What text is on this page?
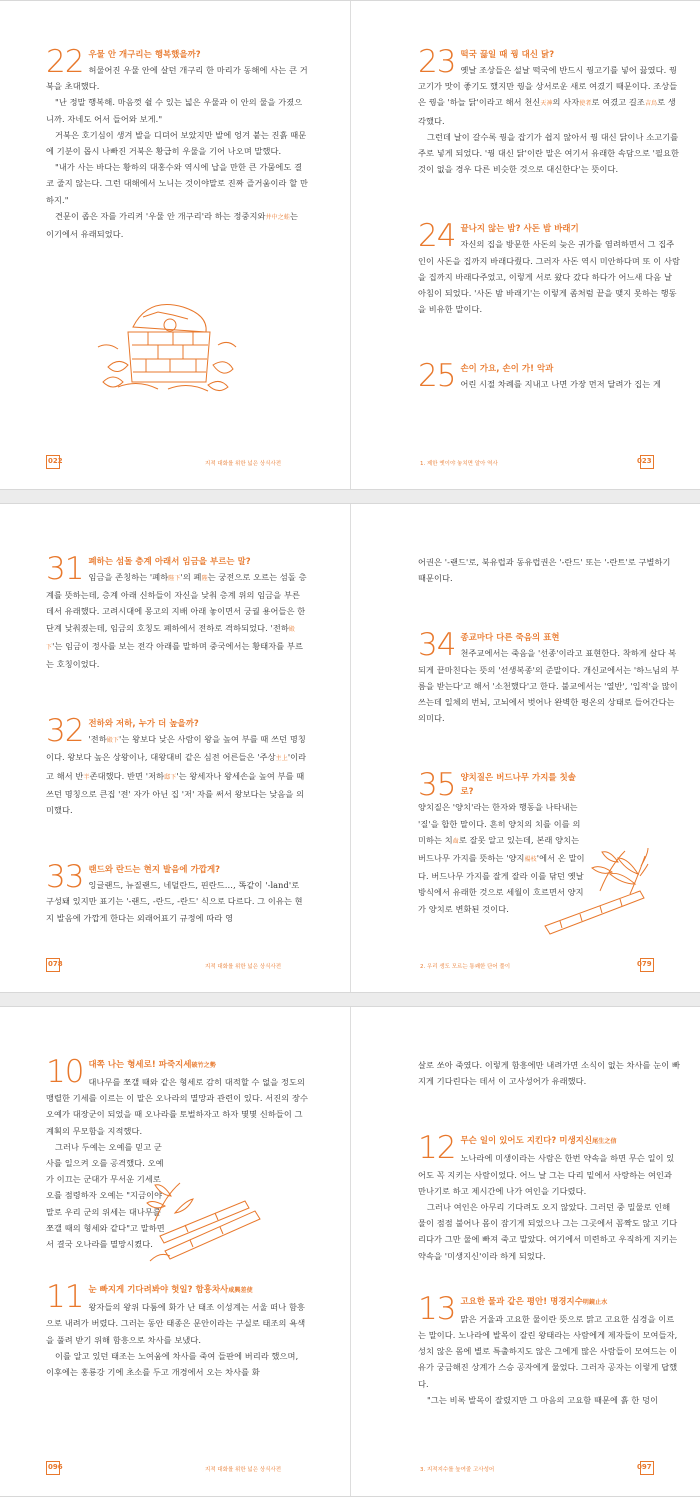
22 우물 안 개구리는 행복했을까?

허물어진 우물 안에 살던 개구리 한 마리가 동해에 사는 큰 거북을 초대했다.

"난 정말 행복해. 마음껏 쉴 수 있는 넓은 우물과 이 안의 물을 가졌으니까. 자네도 어서 들어와 보게."

거북은 호기심이 생겨 발을 디뎌어 보았지만 발에 엉겨 붙는 진흙 때문에 기분이 몹시 나빠진 거북은 황급히 우물을 기어 나오며 말했다.

"내가 사는 바다는 황하의 대홍수와 역시에 납을 만한 큰 가뭄에도 결코 줄지 않는다. 그런 대해에서 노니는 것이야말로 진짜 즐거움이라 할 만하지."

견문이 좁은 자를 가리켜 '우물 안 개구리'라 하는 정중지와井中之蛙는 이기에서 유래되었다.

022	지적 대화를 위한 넓은 상식사전
23 떡국 끓일 때 꿩 대신 닭?

옛날 조상들은 설날 떡국에 반드시 꿩고기를 넣어 끓였다. 꿩고기가 맛이 좋기도 했지만 꿩을 상서로운 새로 여겼기 때문이다. 조상들은 꿩을 '하늘 닭'이라고 해서 천신天神의 사자使者로 여겼고 길조吉鳥로 생각했다.

그런데 날이 갈수록 꿩을 잡기가 쉽지 않아서 꿩 대신 닭이나 소고기를 주로 넣게 되었다. '꿩 대신 닭'이란 말은 여기서 유래한 속담으로 '필요한 것이 없을 경우 다른 비슷한 것으로 대신한다'는 뜻이다.

24 끝나지 않는 밤? 사돈 밤 바래기

자신의 집을 방문한 사돈의 늦은 귀가를 염려하면서 그 집주인이 사돈을 집까지 바래다줬다. 그러자 사돈 역시 미안하다며 또 이 사람을 집까지 바래다주었고, 이렇게 서로 왔다 갔다 하다가 어느새 다음 날 아침이 되었다. '사돈 밤 바래기'는 이렇게 좀처럼 끝을 맺지 못하는 행동을 비유한 말이다.

25 손이 가요, 손이 가! 악과

어린 시절 차례를 지내고 나면 가장 먼저 달려가 집는 게

1. 제한 옛이야 놓치면 알아 역사	023
31 폐하는 섬돌 층계 아래서 임금을 부르는 말?

임금을 존칭하는 '폐하陛下'의 폐陛는 궁전으로 오르는 섬돌 층계를 뜻하는데, 층계 아래 신하들이 자신을 낮춰 층계 위의 임금을 부른 데서 유래했다. 고려시대에 몽고의 지배 아래 놓이면서 궁궐 용어들은 한 단계 낮춰졌는데, 임금의 호칭도 폐하에서 전하로 격하되었다. '전하殿下'는 임금이 정사를 보는 전각 아래를 말하며 중국에서는 황태자를 부르는 호칭이었다.

32 전하와 저하, 누가 더 높을까?

'전하殿下'는 왕보다 낮은 사람이 왕을 높여 부를 때 쓰던 명칭이다. 왕보다 높은 상왕이나, 대왕대비 같은 심전 어른들은 '주상主上'이라고 해서 반半존대했다. 반면 '저하邸下'는 왕세자나 왕세손을 높여 부를 때 쓰던 명칭으로 큰집 '전' 자가 아닌 집 '저' 자를 써서 왕보다는 낮음을 의미했다.

33 랜드와 란드는 현지 발음에 가깝게?

잉글랜드, 뉴질랜드, 네덜란드, 핀란드…, 똑같이 '-land'로 구성돼 있지만 표기는 '-랜드, -란드, -란드' 식으로 다르다. 그 이유는 현지 발음에 가깝게 한다는 외래어표기 규정에 따라 영

078	지적 대화를 위한 넓은 상식사전

어권은 '-랜드'로, 북유럽과 동유럽권은 '-란드' 또는 '-란트'로 구별하기 때문이다.

34 종교마다 다른 죽음의 표현

천주교에서는 죽음을 '선종'이라고 표현한다. 착하게 살다 복되게 끝마친다는 뜻의 '선생복종'의 준말이다. 개신교에서는 '하느님의 부름을 받는다'고 해서 '소천했다'고 한다. 불교에서는 '열반', '입적'을 많이 쓰는데 일체의 번뇌, 고뇌에서 벗어나 완벽한 평온의 상태로 들어간다는 의미다.

35 양치질은 버드나무 가지를 칫솔로?

양치질은 '양치'라는 한자와 행동을 나타내는 '질'을 합한 말이다. 흔히 양치의 치를 이를 의미하는 치齒로 잘못 알고 있는데, 본래 양치는 버드나무 가지를 뜻하는 '양지楊枝'에서 온 말이다. 버드나무 가지를 잘게 잘라 이를 닦던 옛날 방식에서 유래한 것으로 세월이 흐르면서 양지가 양치로 변화된 것이다.

2. 우리 생도 모르는 통쾌한 단어 풀이	079
10 대쪽 나는 형세로! 파죽지세破竹之勢

대나무를 쪼갤 때와 같은 형세로 감히 대적할 수 없을 정도의 맹렬한 기세를 이르는 이 말은 오나라의 멸망과 관련이 있다. 서진의 장수 오예가 대장군이 되었을 때 오나라를 토벌하자고 하자 몇몇 신하들이 그 계획의 무모함을 지적했다.

그러나 두예는 오예를 믿고 군사를 일으켜 오를 공격했다. 오예가 이끄는 군대가 무서운 기세로 오를 점령하자 오예는 "지금이야말로 우리 군의 위세는 대나무를 쪼갤 때의 형세와 같다"고 말하면서 결국 오나라를 멸망시켰다.

11 눈 빠지게 기다려봐야 헛일? 함흥차사咸興差使

왕자들의 왕위 다툼에 화가 난 태조 이성계는 서울 떠나 함흥으로 내려가 버렸다. 그러는 동안 태종은 문안이라는 구실로 태조의 욕색을 풀려 받기 위해 함흥으로 차사를 보냈다.

이를 알고 있던 태조는 노여움에 차사를 죽여 들판에 버리라 했으며, 이후에는 홍룡강 기에 초소를 두고 개경에서 오는 차사를 화

096	지적 대화를 위한 넓은 상식사전

살로 쏘아 죽였다. 이렇게 함흥에만 내려가면 소식이 없는 차사를 눈이 빠지게 기다린다는 데서 이 고사성어가 유래했다.

12 무슨 일이 있어도 지킨다? 미생지신尾生之信

노나라에 미생이라는 사람은 한번 약속을 하면 무슨 일이 있어도 꼭 지키는 사람이었다. 어느 날 그는 다리 밑에서 사랑하는 여인과 만나기로 하고 제시간에 나가 여인을 기다렸다.

그러나 여인은 아무리 기다려도 오지 않았다. 그러던 중 밀물로 인해 물이 점점 불어나 몸이 잠기게 되었으나 그는 그곳에서 꼼짝도 않고 기다리다가 그만 물에 빠져 죽고 말았다. 여기에서 미련하고 우직하게 지키는 약속을 '미생지신'이라 하게 되었다.

13 고요한 물과 같은 평안! 명경지수明鏡止水

맑은 거울과 고요한 물이란 뜻으로 맑고 고요한 심경을 이르는 말이다. 노나라에 발목이 잘린 왕태라는 사람에게 제자들이 모여들자, 성치 않은 몸에 별로 특출하지도 않은 그에게 많은 사람들이 모여드는 이유가 궁금해진 상계가 스승 공자에게 물었다. 그러자 공자는 이렇게 답했다.

"그는 비록 발목이 잘렸지만 그 마음의 고요함 때문에 흙 한 덩이

3. 지적지수를 높여줄 고사성어	097
